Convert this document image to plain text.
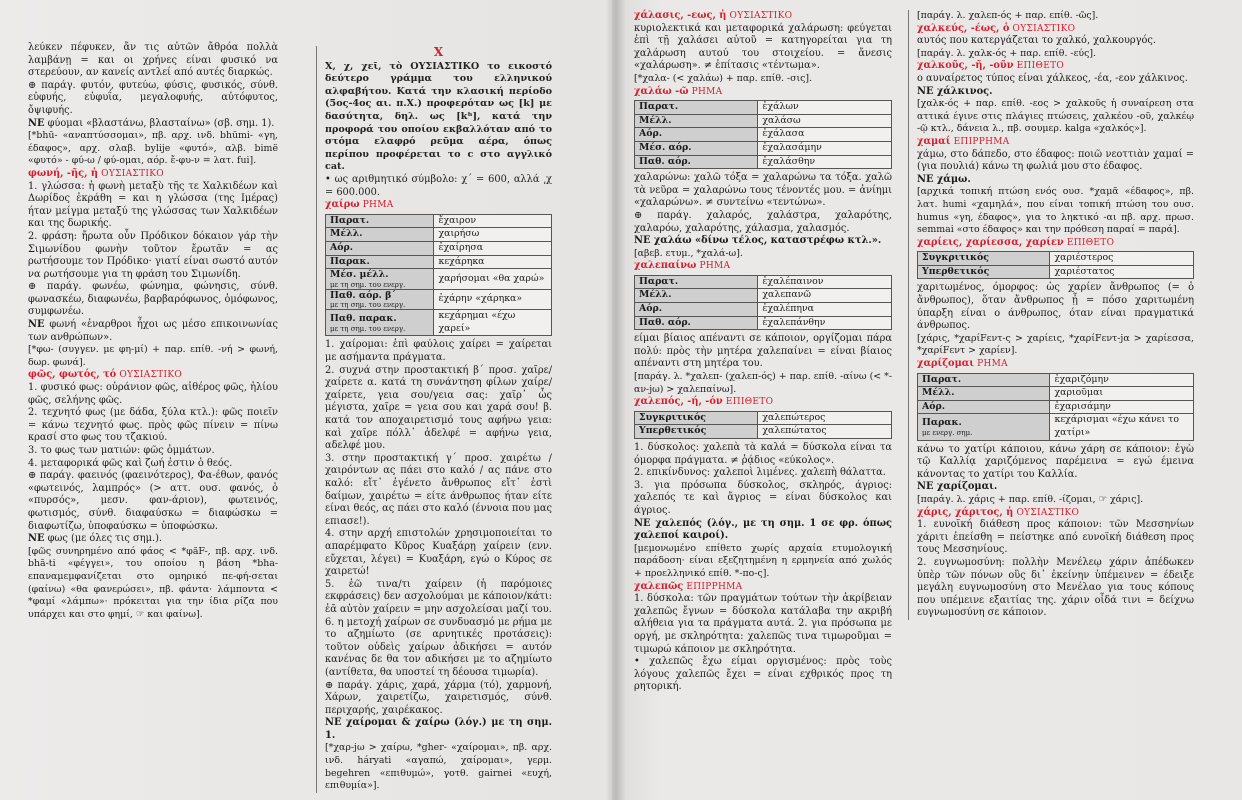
λεύκεν πέφυκεν, ἄν τις αὐτῶν ἄθρόα πολλὰ λαμβάνῃ = και οι χρήνες είναι φυσικό να στερεύουν, αν κανείς αντλεί από αυτές διαρκώς.

⊕ παράγ. φυτόν, φυτεύω, φύσις, φυσικός, σύνθ. εὐφυής, εὐφυΐα, μεγαλοφυής, αὐτόφυτος, ὄψιφυής.

ΝΕ φύομαι «βλαστάνω, βλασταίνω» (σβ. σημ. 1).

[*bhū- «αναπτύσσομαι», πβ. αρχ. ινδ. bhūmi- «γη, έδαφος», αρχ. σλαβ. bylije «φυτό», αλβ. bimë «φυτό» - φύ-ω / φύ-ομαι, αόρ. ἔ-φυ-ν = λατ. fui].

φωνή, -ῆς, ἡ ΟΥΣΙΑΣΤΙΚΟ

1. γλώσσα: ἡ φωνὴ μεταξὺ τῆς τε Χαλκιδέων καὶ Δωρίδος ἐκράθη = και η γλώσσα (της Ιμέρας) ήταν μείγμα μεταξύ της γλώσσας των Χαλκιδέων και της δωρικής.

2. φράση: ἤρωτα οὖν Πρόδικον δόκαιον γάρ τὴν Σιμωνίδου φωνὴν τοῦτον ἔρωτᾶν = ας ρωτήσουμε τον Πρόδικο· γιατί είναι σωστό αυτόν να ρωτήσουμε για τη φράση του Σιμωνίδη.

⊕ παράγ. φωνέω, φώνημα, φώνησις, σύνθ. φωνασκέω, διαφωνέω, βαρβαρόφωνος, ὁμόφωνος, συμφωνέω.

ΝΕ φωνή «ἐναρθροι ἦχοι ως μέσο επικοινωνίας των ανθρώπων».

[*φω- (συγγεν. με φη-μί) + παρ. επίθ. -νή > φωνή, δωρ. φωνά].

φῶς, φωτός, τό ΟΥΣΙΑΣΤΙΚΟ

1. φυσικό φως: οὐράνιον φῶς, αἰθέρος φῶς, ἡλίου φῶς, σελήνης φῶς.

2. τεχνητό φως (με δάδα, ξύλα κτλ.): φῶς ποιεῖν = κάνω τεχνητό φως. πρὸς φῶς πίνειν = πίνω κρασί στο φως του τζακιού.

3. το φως των ματιών: φῶς ὀμμάτων.

4. μεταφορικά φῶς καὶ ζωή ἐστιν ὁ θεός.

⊕ παράγ. φαεινός (φαεινότερος), Φα-έθων, φανός «φωτεινός, λαμπρός» (> αττ. ουσ. φανός, ὁ «πυρσός», μεσν. φαν-άριον), φωτεινός, φωτισμός, σύνθ. διαφαύσκω = διαφώσκω = διαφωτίζω, ὑποφαύσκω = ὑποφώσκω.

ΝΕ φως (με όλες τις σημ.).

[φῶς συνηρημένο από φάος < *φăF-, πβ. αρχ. ινδ. bhā-ti «φέγγει», του οποίου η βάση *bha- επαναμεμφανίζεται στο ομηρικό πε-φή-σεται (φαίνω) «θα φανερώσει», πβ. φάντα· λάμποντα < *φαμί «λάμπω»· πρόκειται για την ίδια ρίζα που υπάρχει και στο φημί, ☞ και φαίνω].

Χ

Χ, χ, χεῖ, τὸ ΟΥΣΙΑΣΤΙΚΟ το εικοστό δεύτερο γράμμα του ελληνικού αλφαβήτου. Κατά την κλασική περίοδο (5ος-4ος αι. π.Χ.) προφερόταν ως [k] με δασύτητα, δηλ. ως [kʰ], κατά την προφορά του οποίου εκβαλλόταν από το στόμα ελαφρό ρεῦμα αέρα, όπως περίπου προφέρεται το c στο αγγλικό cat.

• ως αριθμητικό σύμβολο: χ´ = 600, αλλά ͵χ = 600.000.

χαίρω ΡΗΜΑ
Παρατ.	ἔχαιρον
Μέλλ.	χαιρήσω
Αόρ.	ἐχαίρησα
Παρακ.	κεχάρηκα
Μέσ. μέλλ.
με τη σημ. του ενεργ.	χαρήσομαι «θα χαρώ»
Παθ. αόρ. β´
με τη σημ. του ενεργ.	ἐχάρην «χάρηκα»
Παθ. παρακ.
με τη σημ. του ενεργ.	κεχάρημαι «έχω χαρεί»

1. χαίρομαι: ἐπὶ φαύλοις χαίρει = χαίρεται με ασήμαντα πράγματα.

2. συχνά στην προστακτική β´ προσ. χαῖρε/χαίρετε α. κατά τη συνάντηση φίλων χαίρε/χαίρετε, γεια σου/γεια σας: χαῖρ᾽ ὦς μέγιστα, χαῖρε = γεια σου και χαρά σου! β. κατά τον αποχαιρετισμό τους αφήνω γεια: καὶ χαῖρε πόλλ᾽ ἀδελφέ = αφήνω γεια, αδελφέ μου.

3. στην προστακτική γ´ προσ. χαιρέτω / χαιρόντων ας πάει στο καλό / ας πάνε στο καλό: εἴτ᾽ ἐγένετο ἄνθρωπος εἴτ᾽ ἐστὶ δαίμων, χαιρέτω = είτε άνθρωπος ήταν είτε είναι θεός, ας πάει στο καλό (έννοια που μας επιασε!).

4. στην αρχή επιστολών χρησιμοποιείται το απαρέμφατο Κῦρος Κυαξάρῃ χαίρειν (ενν. εὔχεται, λέγει) = Κυαξάρη, εγώ ο Κύρος σε χαιρετώ!

5. ἐῶ τινα/τι χαίρειν (ἡ παρόμοιες εκφράσεις) δεν ασχολούμαι με κάποιον/κάτι: ἐᾶ αὐτὸν χαίρειν = μην ασχολείσαι μαζί του.

6. η μετοχή χαίρων σε συνδυασμό με ρήμα με το αζημίωτο (σε αρνητικές προτάσεις): τοῦτον οὐδεὶς χαίρων ἀδικήσει = αυτόν κανένας δε θα τον αδικήσει με το αζημίωτο (αντίθετα, θα υποστεί τη δέουσα τιμωρία).

⊕ παράγ. χάρις, χαρά, χάρμα (τό), χαρμονή, Χάρων, χαιρετίζω, χαιρετισμός, σύνθ. περιχαρής, χαιρέκακος.

ΝΕ χαίρομαι & χαίρω (λόγ.) με τη σημ. 1.

[*χαρ-jω > χαίρω, *gher- «χαίρομαι», πβ. αρχ. ινδ. háryati «αγαπώ, χαίρομαι», γερμ. begehren «επιθυμώ», γοτθ. gairnei «ευχή, επιθυμία»].

χάλασις, -εως, ἡ ΟΥΣΙΑΣΤΙΚΟ

κυριολεκτικά και μεταφορικά χαλάρωση: φεύγεται ἐπὶ τῇ χαλάσει αὐτοῦ = κατηγορείται για τη χαλάρωση αυτού του στοιχείου. = ἄνεσις «χαλάρωση». ≠ ἐπίτασις «τέντωμα».

[*χαλα- (< χαλάω) + παρ. επίθ. -σις].

χαλάω -ῶ ΡΗΜΑ
Παρατ.	ἐχάλων
Μέλλ.	χαλάσω
Αόρ.	ἐχάλασα
Μέσ. αόρ.	ἐχαλασάμην
Παθ. αόρ.	ἐχαλάσθην

χαλαρώνω: χαλῶ τόξα = χαλαρώνω τα τόξα. χαλῶ τὰ νεῦρα = χαλαρώνω τους τένοντές μου. = ἀνίημι «χαλαρώνω». ≠ συντείνω «τεντώνω».

⊕ παράγ. χαλαρός, χαλάστρα, χαλαρότης, χαλαρόω, χαλαρότης, χάλασμα, χαλασμός.

ΝΕ χαλάω «δίνω τέλος, καταστρέφω κτλ.».

[αβεβ. ετυμ., *χαλά-ω].

χαλεπαίνω ΡΗΜΑ
Παρατ.	ἐχαλέπαινον
Μέλλ.	χαλεπανῶ
Αόρ.	ἐχαλέπηνα
Παθ. αόρ.	ἐχαλεπάνθην

είμαι βίαιος απέναντι σε κάποιον, οργίζομαι πάρα πολύ: πρὸς τὴν μητέρα χαλεπαίνει = είναι βίαιος απέναντι στη μητέρα του.

[παράγ. λ. *χαλεπ- (χαλεπ-ός) + παρ. επίθ. -αίνω (< *-αν-jω) > χαλεπαίνω].

χαλεπός, -ή, -όν ΕΠΙΘΕΤΟ
Συγκριτικός	χαλεπώτερος
Υπερθετικός	χαλεπώτατος

1. δύσκολος: χαλεπὰ τὰ καλά = δύσκολα είναι τα όμορφα πράγματα. ≠ ῥᾴδιος «εύκολος».

2. επικίνδυνος: χαλεποὶ λιμένες. χαλεπὴ θάλαττα.

3. για πρόσωπα δύσκολος, σκληρός, άγριος: χαλεπός τε καὶ ἄγριος = είναι δύσκολος και άγριος.

ΝΕ χαλεπός (λόγ., με τη σημ. 1 σε φρ. όπως χαλεποί καιροί).

[μεμονωμένο επίθετο χωρίς αρχαία ετυμολογική παράδοση· είναι εξεζητημένη η ερμηνεία από χωλός + προελληνικό επίθ. *-πο-ς].

χαλεπῶς ΕΠΙΡΡΗΜΑ

1. δύσκολα: τῶν πραγμάτων τούτων τὴν ἀκρίβειαν χαλεπῶς ἔγνων = δύσκολα κατάλαβα την ακριβή αλήθεια για τα πράγματα αυτά. 2. για πρόσωπα με οργή, με σκληρότητα: χαλεπῶς τινα τιμωροῦμαι = τιμωρώ κάποιον με σκληρότητα.

• χαλεπῶς ἔχω είμαι οργισμένος: πρὸς τοὺς λόγους χαλεπῶς ἔχει = είναι εχθρικός προς τη ρητορική.

[παράγ. λ. χαλεπ-ός + παρ. επίθ. -ῶς].

χαλκεύς, -έως, ὁ ΟΥΣΙΑΣΤΙΚΟ

αυτός που κατεργάζεται το χαλκό, χαλκουργός.

[παράγ. λ. χαλκ-ός + παρ. επίθ. -εύς].

χαλκοῦς, -ῆ, -οῦν ΕΠΙΘΕΤΟ

ο αυναίρετος τύπος είναι χάλκεος, -έα, -εον χάλκινος.

ΝΕ χάλκινος.

[χαλκ-ός + παρ. επίθ. -εος > χαλκοῦς ἡ συναίρεση στα αττικά έγινε στις πλάγιες πτώσεις, χαλκέου -οῦ, χαλκέῳ -ῷ κτλ., δάνεια λ., πβ. σουμερ. kalga «χαλκός»].

χαμαί ΕΠΙΡΡΗΜΑ

χάμω, στο δάπεδο, στο έδαφος: ποιῶ νεοττιὰν χαμαί = (για πουλιά) κάνω τη φωλιά μου στο έδαφος.

ΝΕ χάμω.

[αρχικά τοπική πτώση ενός ουσ. *χαμᾶ «έδαφος», πβ. λατ. humi «χαμηλά», που είναι τοπική πτώση του ουσ. humus «γη, έδαφος», για το ληκτικό -αι πβ. αρχ. πρωσ. semmai «στο έδαφος» και την πρόθεση παραί = παρά].

χαρίεις, χαρίεσσα, χαρίεν ΕΠΙΘΕΤΟ
Συγκριτικός	χαριέστερος
Υπερθετικός	χαριέστατος

χαριτωμένος, όμορφος: ὡς χαρίεν ἄνθρωπος (= ὁ ἄνθρωπος), ὅταν ἄνθρωπος ᾖ = πόσο χαριτωμένη ύπαρξη είναι ο άνθρωπος, όταν είναι πραγματικά άνθρωπος.

[χάρις, *χαρίFεντ-ς > χαρίεις, *χαρίFεντ-jα > χαρίεσσα, *χαρίFεντ > χαρίεν].

χαρίζομαι ΡΗΜΑ
Παρατ.	ἐχαριζόμην
Μέλλ.	χαριοῦμαι
Αόρ.	ἐχαρισάμην
Παρακ.
με ενεργ. σημ.	κεχάρισμαι «έχω κάνει το χατίρι»

κάνω το χατίρι κάποιου, κάνω χάρη σε κάποιον: ἐγὼ τῷ Καλλίᾳ χαριζόμενος παρέμεινα = εγώ έμεινα κάνοντας το χατίρι του Καλλία.

ΝΕ χαρίζομαι.

[παράγ. λ. χάρις + παρ. επίθ. -ίζομαι, ☞ χάρις].

χάρις, χάριτος, ἡ ΟΥΣΙΑΣΤΙΚΟ

1. ευνοϊκή διάθεση προς κάποιον: τῶν Μεσσηνίων χάριτι ἐπείσθη = πείστηκε από ευνοϊκή διάθεση προς τους Μεσσηνίους.

2. ευγνωμοσύνη: πολλὴν Μενέλεῳ χάριν ἀπέδωκεν ὑπὲρ τῶν πόνων οὓς δι᾽ ἐκείνην ὑπέμεινεν = έδειξε μεγάλη ευγνωμοσύνη στο Μενέλαο για τους κόπους που υπέμεινε εξαιτίας της. χάριν οἶδά τινι = δείχνω ευγνωμοσύνη σε κάποιον.
